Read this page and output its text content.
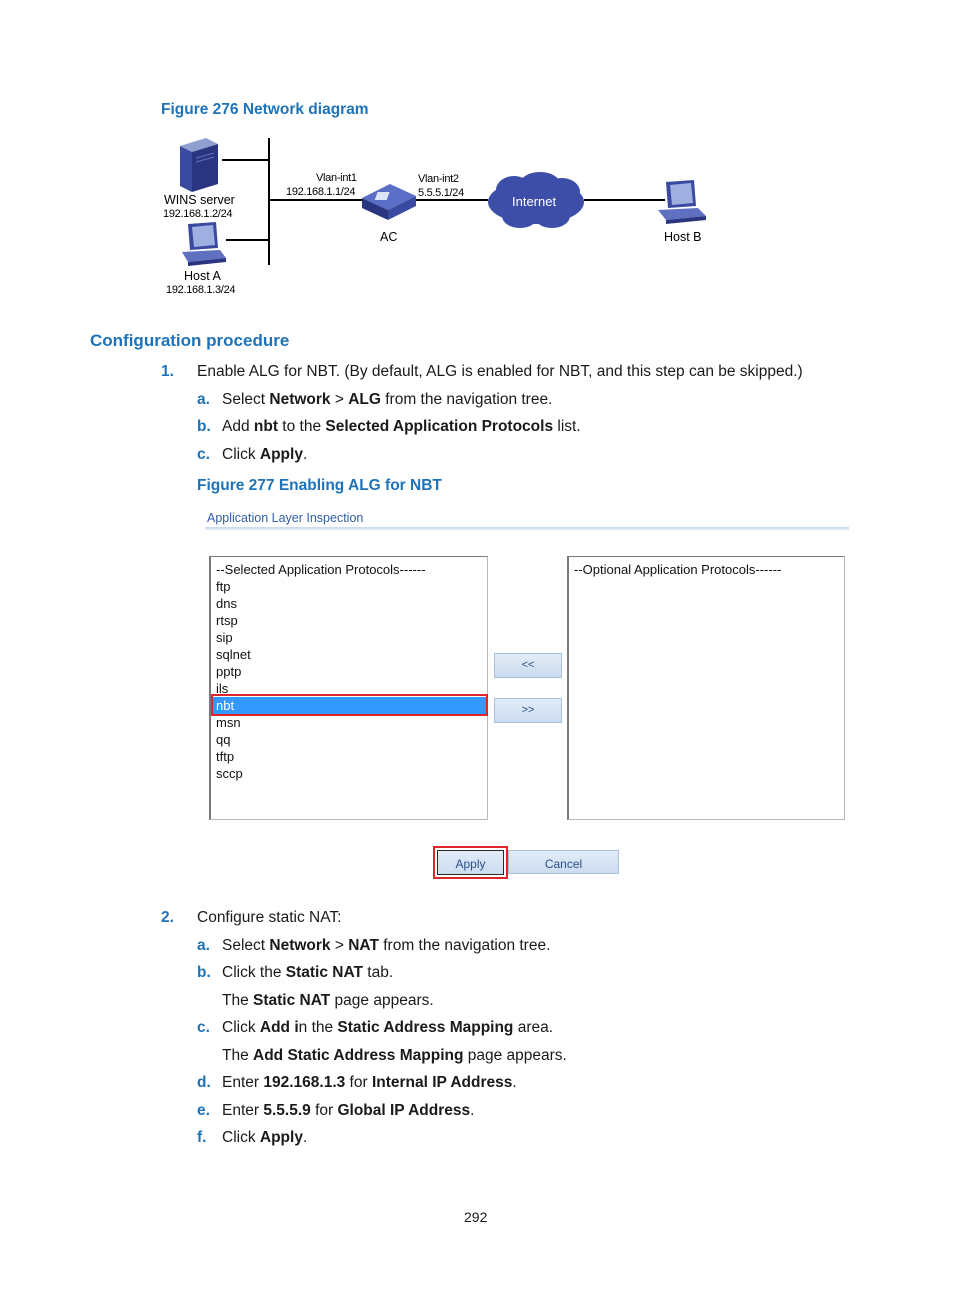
Figure 276 Network diagram
WINS server
192.168.1.2/24
Host A
192.168.1.3/24
Vlan-int1
192.168.1.1/24
Vlan-int2
5.5.5.1/24
AC
Internet
Host B
Configuration procedure
1. Enable ALG for NBT. (By default, ALG is enabled for NBT, and this step can be skipped.)
a. Select Network > ALG from the navigation tree.
b. Add nbt to the Selected Application Protocols list.
c. Click Apply.
Figure 277 Enabling ALG for NBT
Application Layer Inspection
--Selected Application Protocols------
ftp
dns
rtsp
sip
sqlnet
pptp
ils
nbt
msn
qq
tftp
sccp
<<
>>
--Optional Application Protocols------
Apply	Cancel
2. Configure static NAT:
a. Select Network > NAT from the navigation tree.
b. Click the Static NAT tab.
The Static NAT page appears.
c. Click Add in the Static Address Mapping area.
The Add Static Address Mapping page appears.
d. Enter 192.168.1.3 for Internal IP Address.
e. Enter 5.5.5.9 for Global IP Address.
f. Click Apply.
292
